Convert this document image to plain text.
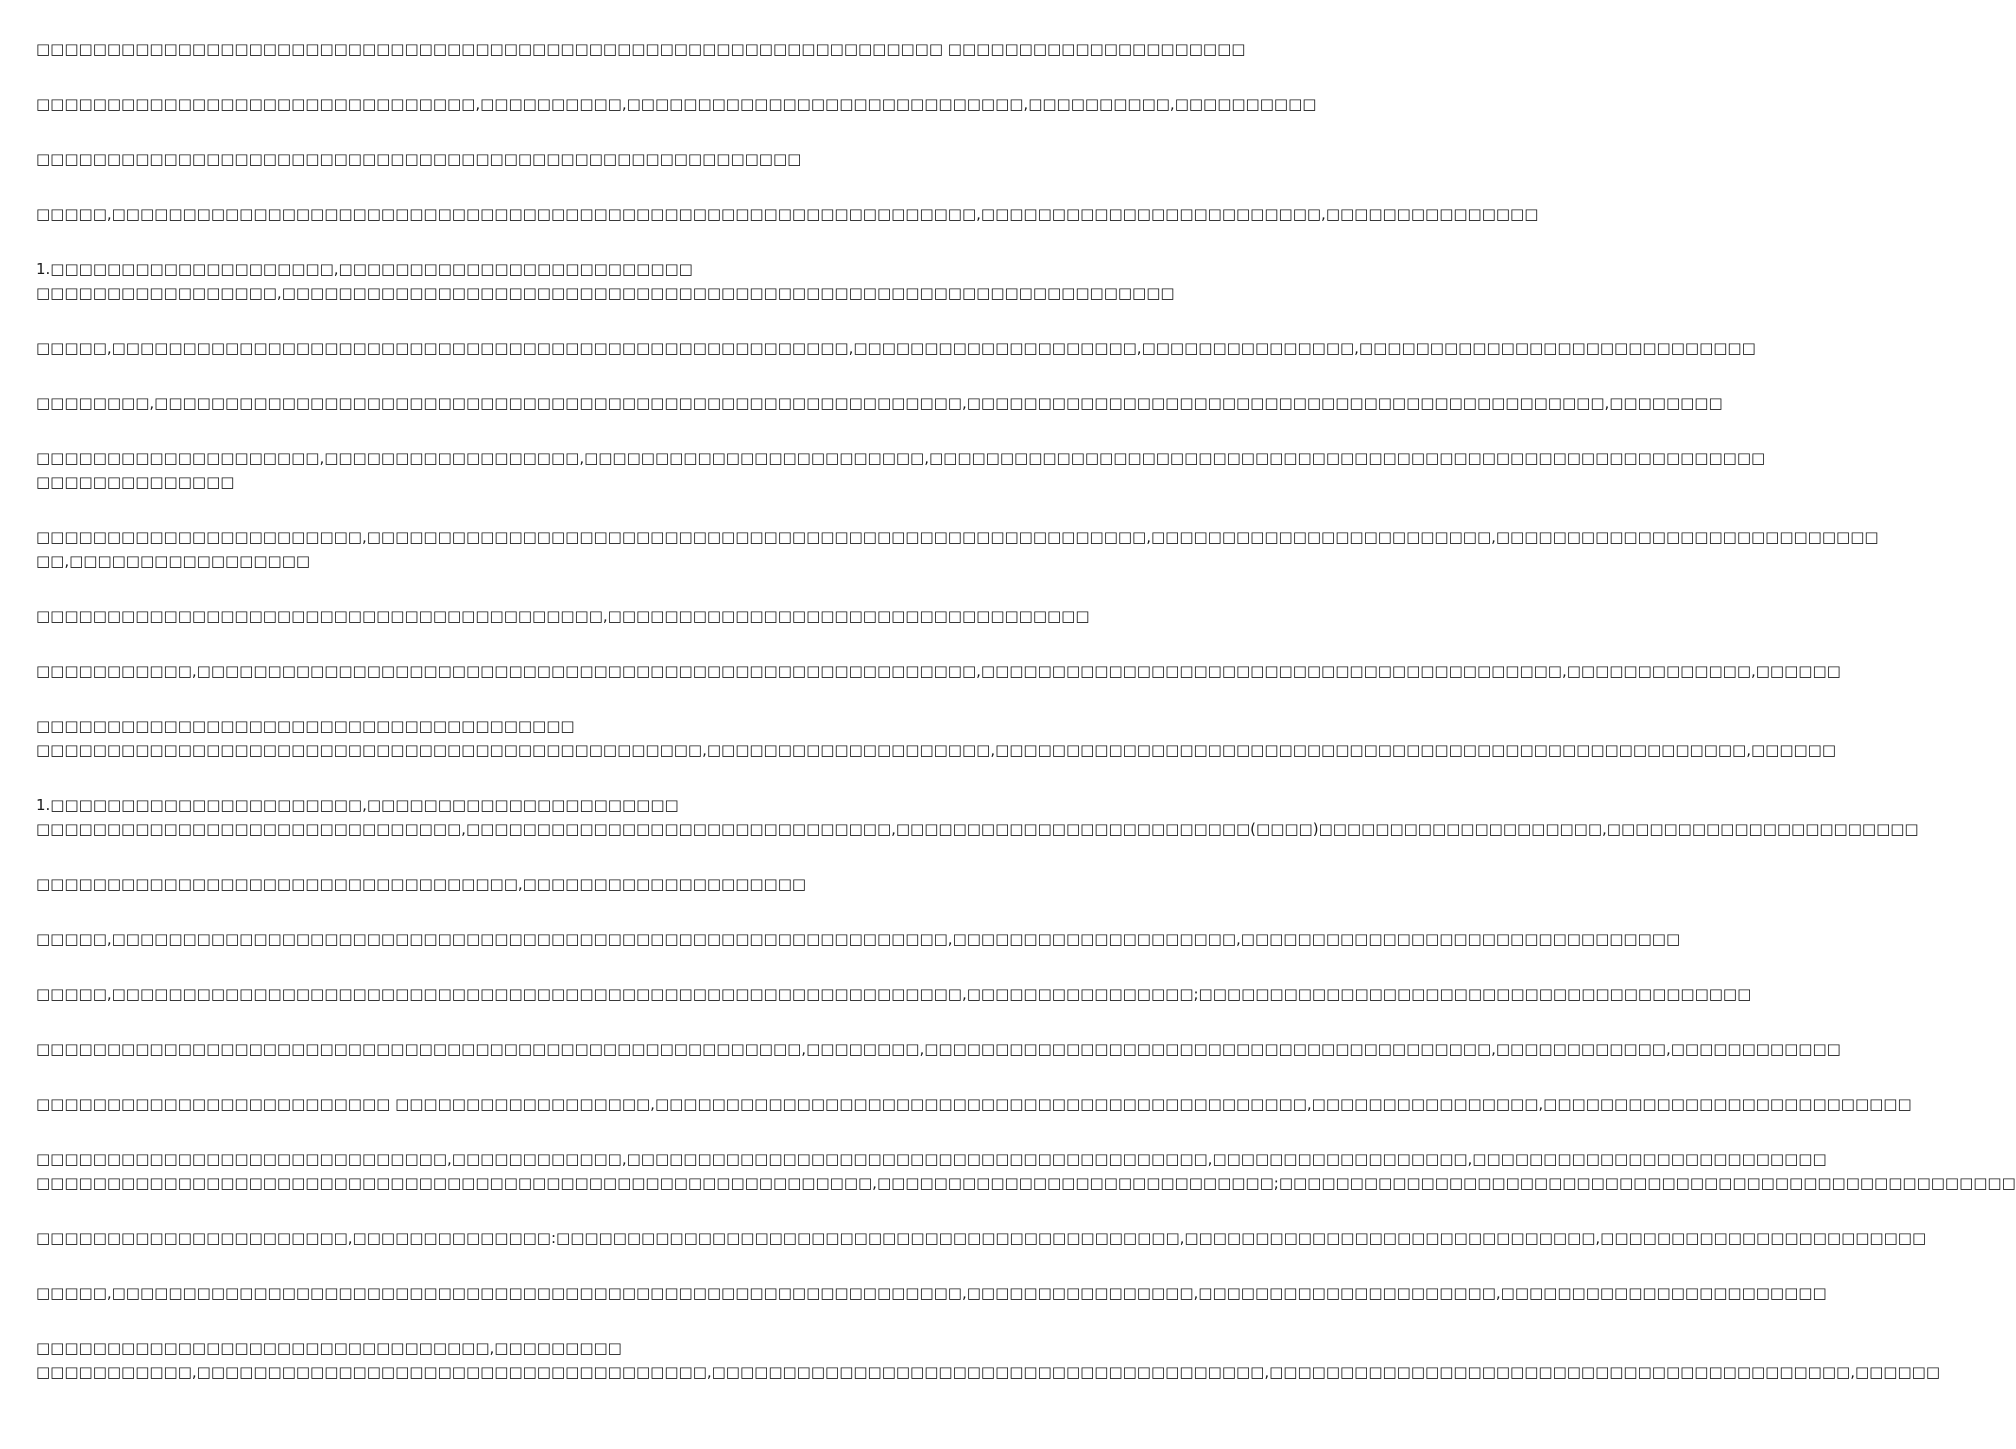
□□□□□□□□□□□□□□□□□□□□□□□□□□□□□□□□□□□□□□□□□□□□□□□□□□□□□□□□□□□□□□□□ □□□□□□□□□□□□□□□□□□□□□

□□□□□□□□□□□□□□□□□□□□□□□□□□□□□□□,□□□□□□□□□□,□□□□□□□□□□□□□□□□□□□□□□□□□□□□,□□□□□□□□□□,□□□□□□□□□□

□□□□□□□□□□□□□□□□□□□□□□□□□□□□□□□□□□□□□□□□□□□□□□□□□□□□□□

□□□□□,□□□□□□□□□□□□□□□□□□□□□□□□□□□□□□□□□□□□□□□□□□□□□□□□□□□□□□□□□□□□□,□□□□□□□□□□□□□□□□□□□□□□□□,□□□□□□□□□□□□□□□

1.□□□□□□□□□□□□□□□□□□□□,□□□□□□□□□□□□□□□□□□□□□□□□□
□□□□□□□□□□□□□□□□□,□□□□□□□□□□□□□□□□□□□□□□□□□□□□□□□□□□□□□□□□□□□□□□□□□□□□□□□□□□□□□□□

□□□□□,□□□□□□□□□□□□□□□□□□□□□□□□□□□□□□□□□□□□□□□□□□□□□□□□□□□□,□□□□□□□□□□□□□□□□□□□□,□□□□□□□□□□□□□□□,□□□□□□□□□□□□□□□□□□□□□□□□□□□□

□□□□□□□□,□□□□□□□□□□□□□□□□□□□□□□□□□□□□□□□□□□□□□□□□□□□□□□□□□□□□□□□□□,□□□□□□□□□□□□□□□□□□□□□□□□□□□□□□□□□□□□□□□□□□□□□,□□□□□□□□

□□□□□□□□□□□□□□□□□□□□,□□□□□□□□□□□□□□□□□□,□□□□□□□□□□□□□□□□□□□□□□□□,□□□□□□□□□□□□□□□□□□□□□□□□□□□□□□□□□□□□□□□□□□□□□□□□□□□□□□□□□□□
□□□□□□□□□□□□□□

□□□□□□□□□□□□□□□□□□□□□□□,□□□□□□□□□□□□□□□□□□□□□□□□□□□□□□□□□□□□□□□□□□□□□□□□□□□□□□□,□□□□□□□□□□□□□□□□□□□□□□□□,□□□□□□□□□□□□□□□□□□□□□□□□□□□
□□,□□□□□□□□□□□□□□□□□

□□□□□□□□□□□□□□□□□□□□□□□□□□□□□□□□□□□□□□□□,□□□□□□□□□□□□□□□□□□□□□□□□□□□□□□□□□□

□□□□□□□□□□□,□□□□□□□□□□□□□□□□□□□□□□□□□□□□□□□□□□□□□□□□□□□□□□□□□□□□□□□,□□□□□□□□□□□□□□□□□□□□□□□□□□□□□□□□□□□□□□□□□,□□□□□□□□□□□□□,□□□□□□

□□□□□□□□□□□□□□□□□□□□□□□□□□□□□□□□□□□□□□
□□□□□□□□□□□□□□□□□□□□□□□□□□□□□□□□□□□□□□□□□□□□□□□,□□□□□□□□□□□□□□□□□□□□,□□□□□□□□□□□□□□□□□□□□□□□□□□□□□□□□□□□□□□□□□□□□□□□□□□□□□,□□□□□□

1.□□□□□□□□□□□□□□□□□□□□□□,□□□□□□□□□□□□□□□□□□□□□□
□□□□□□□□□□□□□□□□□□□□□□□□□□□□□□,□□□□□□□□□□□□□□□□□□□□□□□□□□□□□□,□□□□□□□□□□□□□□□□□□□□□□□□□(□□□□)□□□□□□□□□□□□□□□□□□□□,□□□□□□□□□□□□□□□□□□□□□□

□□□□□□□□□□□□□□□□□□□□□□□□□□□□□□□□□□,□□□□□□□□□□□□□□□□□□□□

□□□□□,□□□□□□□□□□□□□□□□□□□□□□□□□□□□□□□□□□□□□□□□□□□□□□□□□□□□□□□□□□□,□□□□□□□□□□□□□□□□□□□□,□□□□□□□□□□□□□□□□□□□□□□□□□□□□□□□

□□□□□,□□□□□□□□□□□□□□□□□□□□□□□□□□□□□□□□□□□□□□□□□□□□□□□□□□□□□□□□□□□□,□□□□□□□□□□□□□□□□;□□□□□□□□□□□□□□□□□□□□□□□□□□□□□□□□□□□□□□□

□□□□□□□□□□□□□□□□□□□□□□□□□□□□□□□□□□□□□□□□□□□□□□□□□□□□□□,□□□□□□□□,□□□□□□□□□□□□□□□□□□□□□□□□□□□□□□□□□□□□□□□□,□□□□□□□□□□□□,□□□□□□□□□□□□

□□□□□□□□□□□□□□□□□□□□□□□□□ □□□□□□□□□□□□□□□□□□,□□□□□□□□□□□□□□□□□□□□□□□□□□□□□□□□□□□□□□□□□□□□□□,□□□□□□□□□□□□□□□□,□□□□□□□□□□□□□□□□□□□□□□□□□□

□□□□□□□□□□□□□□□□□□□□□□□□□□□□□,□□□□□□□□□□□□,□□□□□□□□□□□□□□□□□□□□□□□□□□□□□□□□□□□□□□□□□,□□□□□□□□□□□□□□□□□□,□□□□□□□□□□□□□□□□□□□□□□□□□
□□□□□□□□□□□□□□□□□□□□□□□□□□□□□□□□□□□□□□□□□□□□□□□□□□□□□□□□□□□,□□□□□□□□□□□□□□□□□□□□□□□□□□□□;□□□□□□□□□□□□□□□□□□□□□□□□□□□□□□□□□□□□□□□□□□□□□□□□□□□□

□□□□□□□□□□□□□□□□□□□□□□,□□□□□□□□□□□□□□:□□□□□□□□□□□□□□□□□□□□□□□□□□□□□□□□□□□□□□□□□□□□,□□□□□□□□□□□□□□□□□□□□□□□□□□□□□,□□□□□□□□□□□□□□□□□□□□□□□

□□□□□,□□□□□□□□□□□□□□□□□□□□□□□□□□□□□□□□□□□□□□□□□□□□□□□□□□□□□□□□□□□□,□□□□□□□□□□□□□□□□,□□□□□□□□□□□□□□□□□□□□□,□□□□□□□□□□□□□□□□□□□□□□□

□□□□□□□□□□□□□□□□□□□□□□□□□□□□□□□□,□□□□□□□□□
□□□□□□□□□□□,□□□□□□□□□□□□□□□□□□□□□□□□□□□□□□□□□□□□,□□□□□□□□□□□□□□□□□□□□□□□□□□□□□□□□□□□□□□□,□□□□□□□□□□□□□□□□□□□□□□□□□□□□□□□□□□□□□□□□□,□□□□□□
